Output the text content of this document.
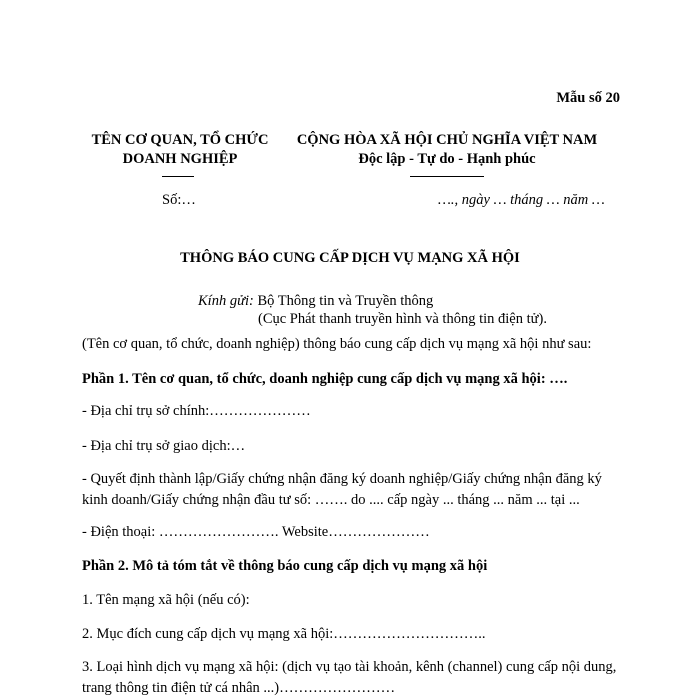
Mẫu số 20
TÊN CƠ QUAN, TỔ CHỨC
DOANH NGHIỆP
CỘNG HÒA XÃ HỘI CHỦ NGHĨA VIỆT NAM
Độc lập - Tự do - Hạnh phúc
Số:…	…., ngày … tháng … năm …
THÔNG BÁO CUNG CẤP DỊCH VỤ MẠNG XÃ HỘI
Kính gửi: Bộ Thông tin và Truyền thông
(Cục Phát thanh truyền hình và thông tin điện tử).
(Tên cơ quan, tổ chức, doanh nghiệp) thông báo cung cấp dịch vụ mạng xã hội như sau:
Phần 1. Tên cơ quan, tổ chức, doanh nghiệp cung cấp dịch vụ mạng xã hội: ….
- Địa chỉ trụ sở chính:…………………
- Địa chỉ trụ sở giao dịch:…
- Quyết định thành lập/Giấy chứng nhận đăng ký doanh nghiệp/Giấy chứng nhận đăng ký kinh doanh/Giấy chứng nhận đầu tư số: ……. do .... cấp ngày ... tháng ... năm ... tại ...
- Điện thoại: ……………………. Website…………………
Phần 2. Mô tả tóm tắt về thông báo cung cấp dịch vụ mạng xã hội
1. Tên mạng xã hội (nếu có):
2. Mục đích cung cấp dịch vụ mạng xã hội:…………………………..
3. Loại hình dịch vụ mạng xã hội: (dịch vụ tạo tài khoản, kênh (channel) cung cấp nội dung, trang thông tin điện tử cá nhân ...)……………………
